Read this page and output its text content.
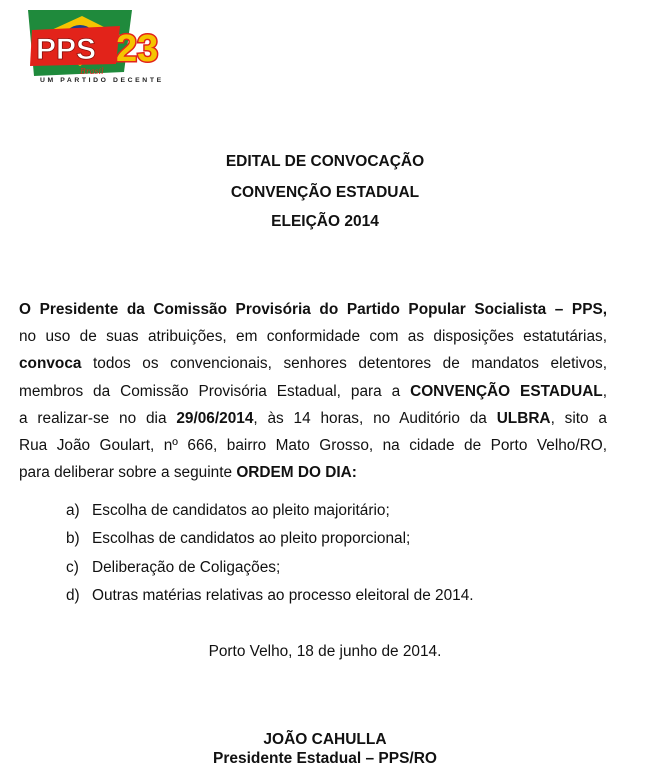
PPS 23
Brasil
UM PARTIDO DECENTE
EDITAL DE CONVOCAÇÃO
CONVENÇÃO ESTADUAL
ELEIÇÃO 2014
O Presidente da Comissão Provisória do Partido Popular Socialista – PPS,
no uso de suas atribuições, em conformidade com as disposições estatutárias,
convoca todos os convencionais, senhores detentores de mandatos eletivos,
membros da Comissão Provisória Estadual, para a CONVENÇÃO ESTADUAL,
a realizar-se no dia 29/06/2014, às 14 horas, no Auditório da ULBRA, sito a
Rua João Goulart, nº 666, bairro Mato Grosso, na cidade de Porto Velho/RO,
para deliberar sobre a seguinte ORDEM DO DIA:
a) Escolha de candidatos ao pleito majoritário;
b) Escolhas de candidatos ao pleito proporcional;
c) Deliberação de Coligações;
d) Outras matérias relativas ao processo eleitoral de 2014.
Porto Velho, 18 de junho de 2014.
JOÃO CAHULLA
Presidente Estadual – PPS/RO
